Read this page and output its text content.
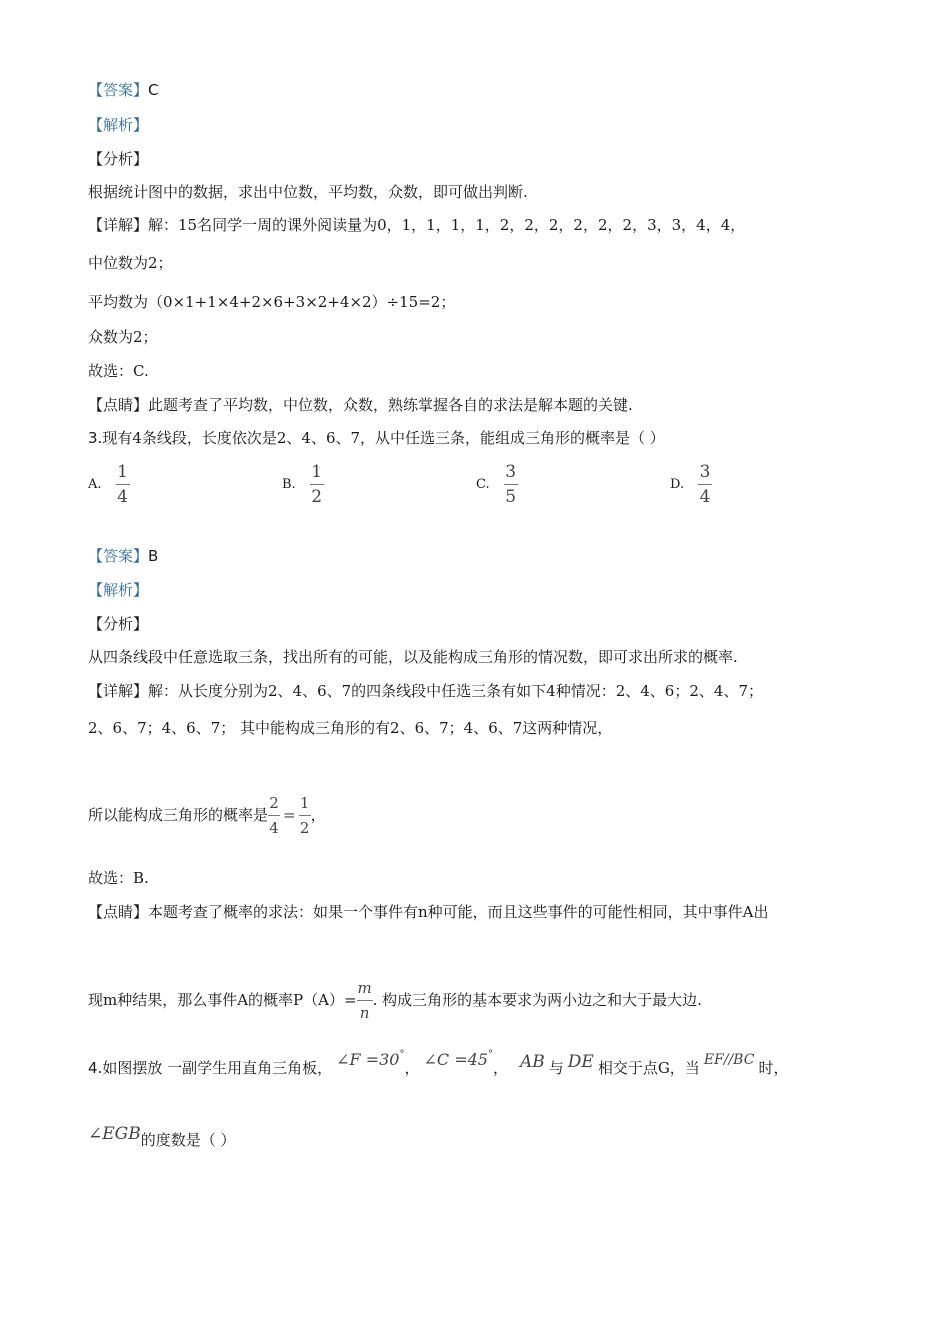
【答案】C
【解析】
【分析】
根据统计图中的数据，求出中位数，平均数，众数，即可做出判断.
【详解】解：15名同学一周的课外阅读量为0，1，1，1，1，2，2，2，2，2，2，3，3，4，4，
中位数为2；
平均数为（0×1+1×4+2×6+3×2+4×2）÷15=2；
众数为2；
故选：C.
【点睛】此题考查了平均数，中位数，众数，熟练掌握各自的求法是解本题的关键.
3.现有4条线段，长度依次是2、4、6、7，从中任选三条，能组成三角形的概率是（ ）
A. $\frac{1}{4}$	B. $\frac{1}{2}$	C. $\frac{3}{5}$	D. $\frac{3}{4}$
【答案】B
【解析】
【分析】
从四条线段中任意选取三条，找出所有的可能，以及能构成三角形的情况数，即可求出所求的概率.
【详解】解：从长度分别为2、4、6、7的四条线段中任选三条有如下4种情况：2、4、6；2、4、7；
2、6、7；4、6、7； 其中能构成三角形的有2、6、7；4、6、7这两种情况，
所以能构成三角形的概率是 $\frac{2}{4} = \frac{1}{2}$ ，
故选：B.
【点睛】本题考查了概率的求法：如果一个事件有n种可能，而且这些事件的可能性相同，其中事件A出
现m种结果，那么事件A的概率$P(A)= \frac{m}{n}$ . 构成三角形的基本要求为两小边之和大于最大边.
4. 如图摆放 一副学生用直角三角板， ∠F =30°
， ∠C =45°
， AB 与 DE 相交于点G，当 EF//BC 时，
∠EGB 的度数是（ ）
